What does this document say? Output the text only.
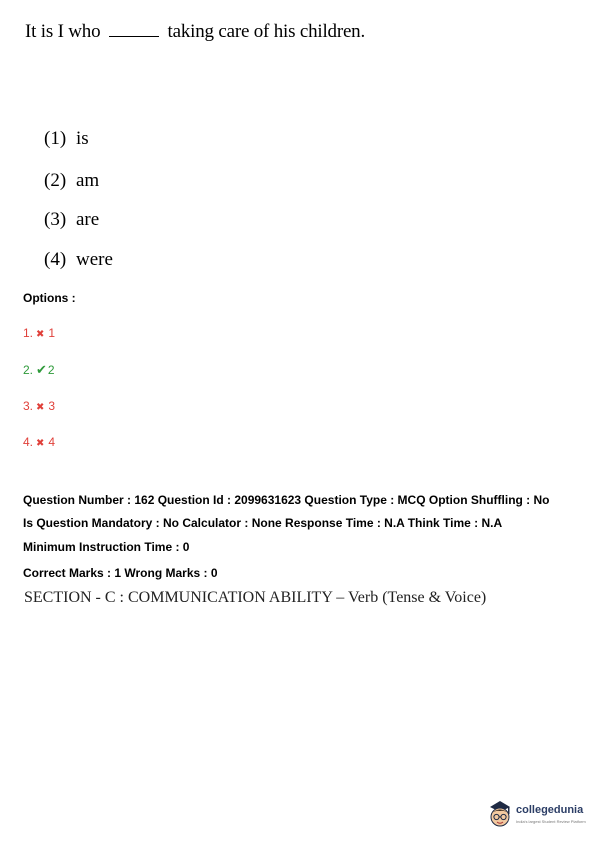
It is I who	taking care of his children.
(1) is
(2) am
(3) are
(4) were
Options :
1. ✖ 1
2. ✔2
3. ✖ 3
4. ✖ 4
Question Number : 162 Question Id : 2099631623 Question Type : MCQ Option Shuffling : No
Is Question Mandatory : No Calculator : None Response Time : N.A Think Time : N.A
Minimum Instruction Time : 0
Correct Marks : 1 Wrong Marks : 0
SECTION - C : COMMUNICATION ABILITY – Verb (Tense & Voice)
collegedunia
India's largest Student Review Platform
